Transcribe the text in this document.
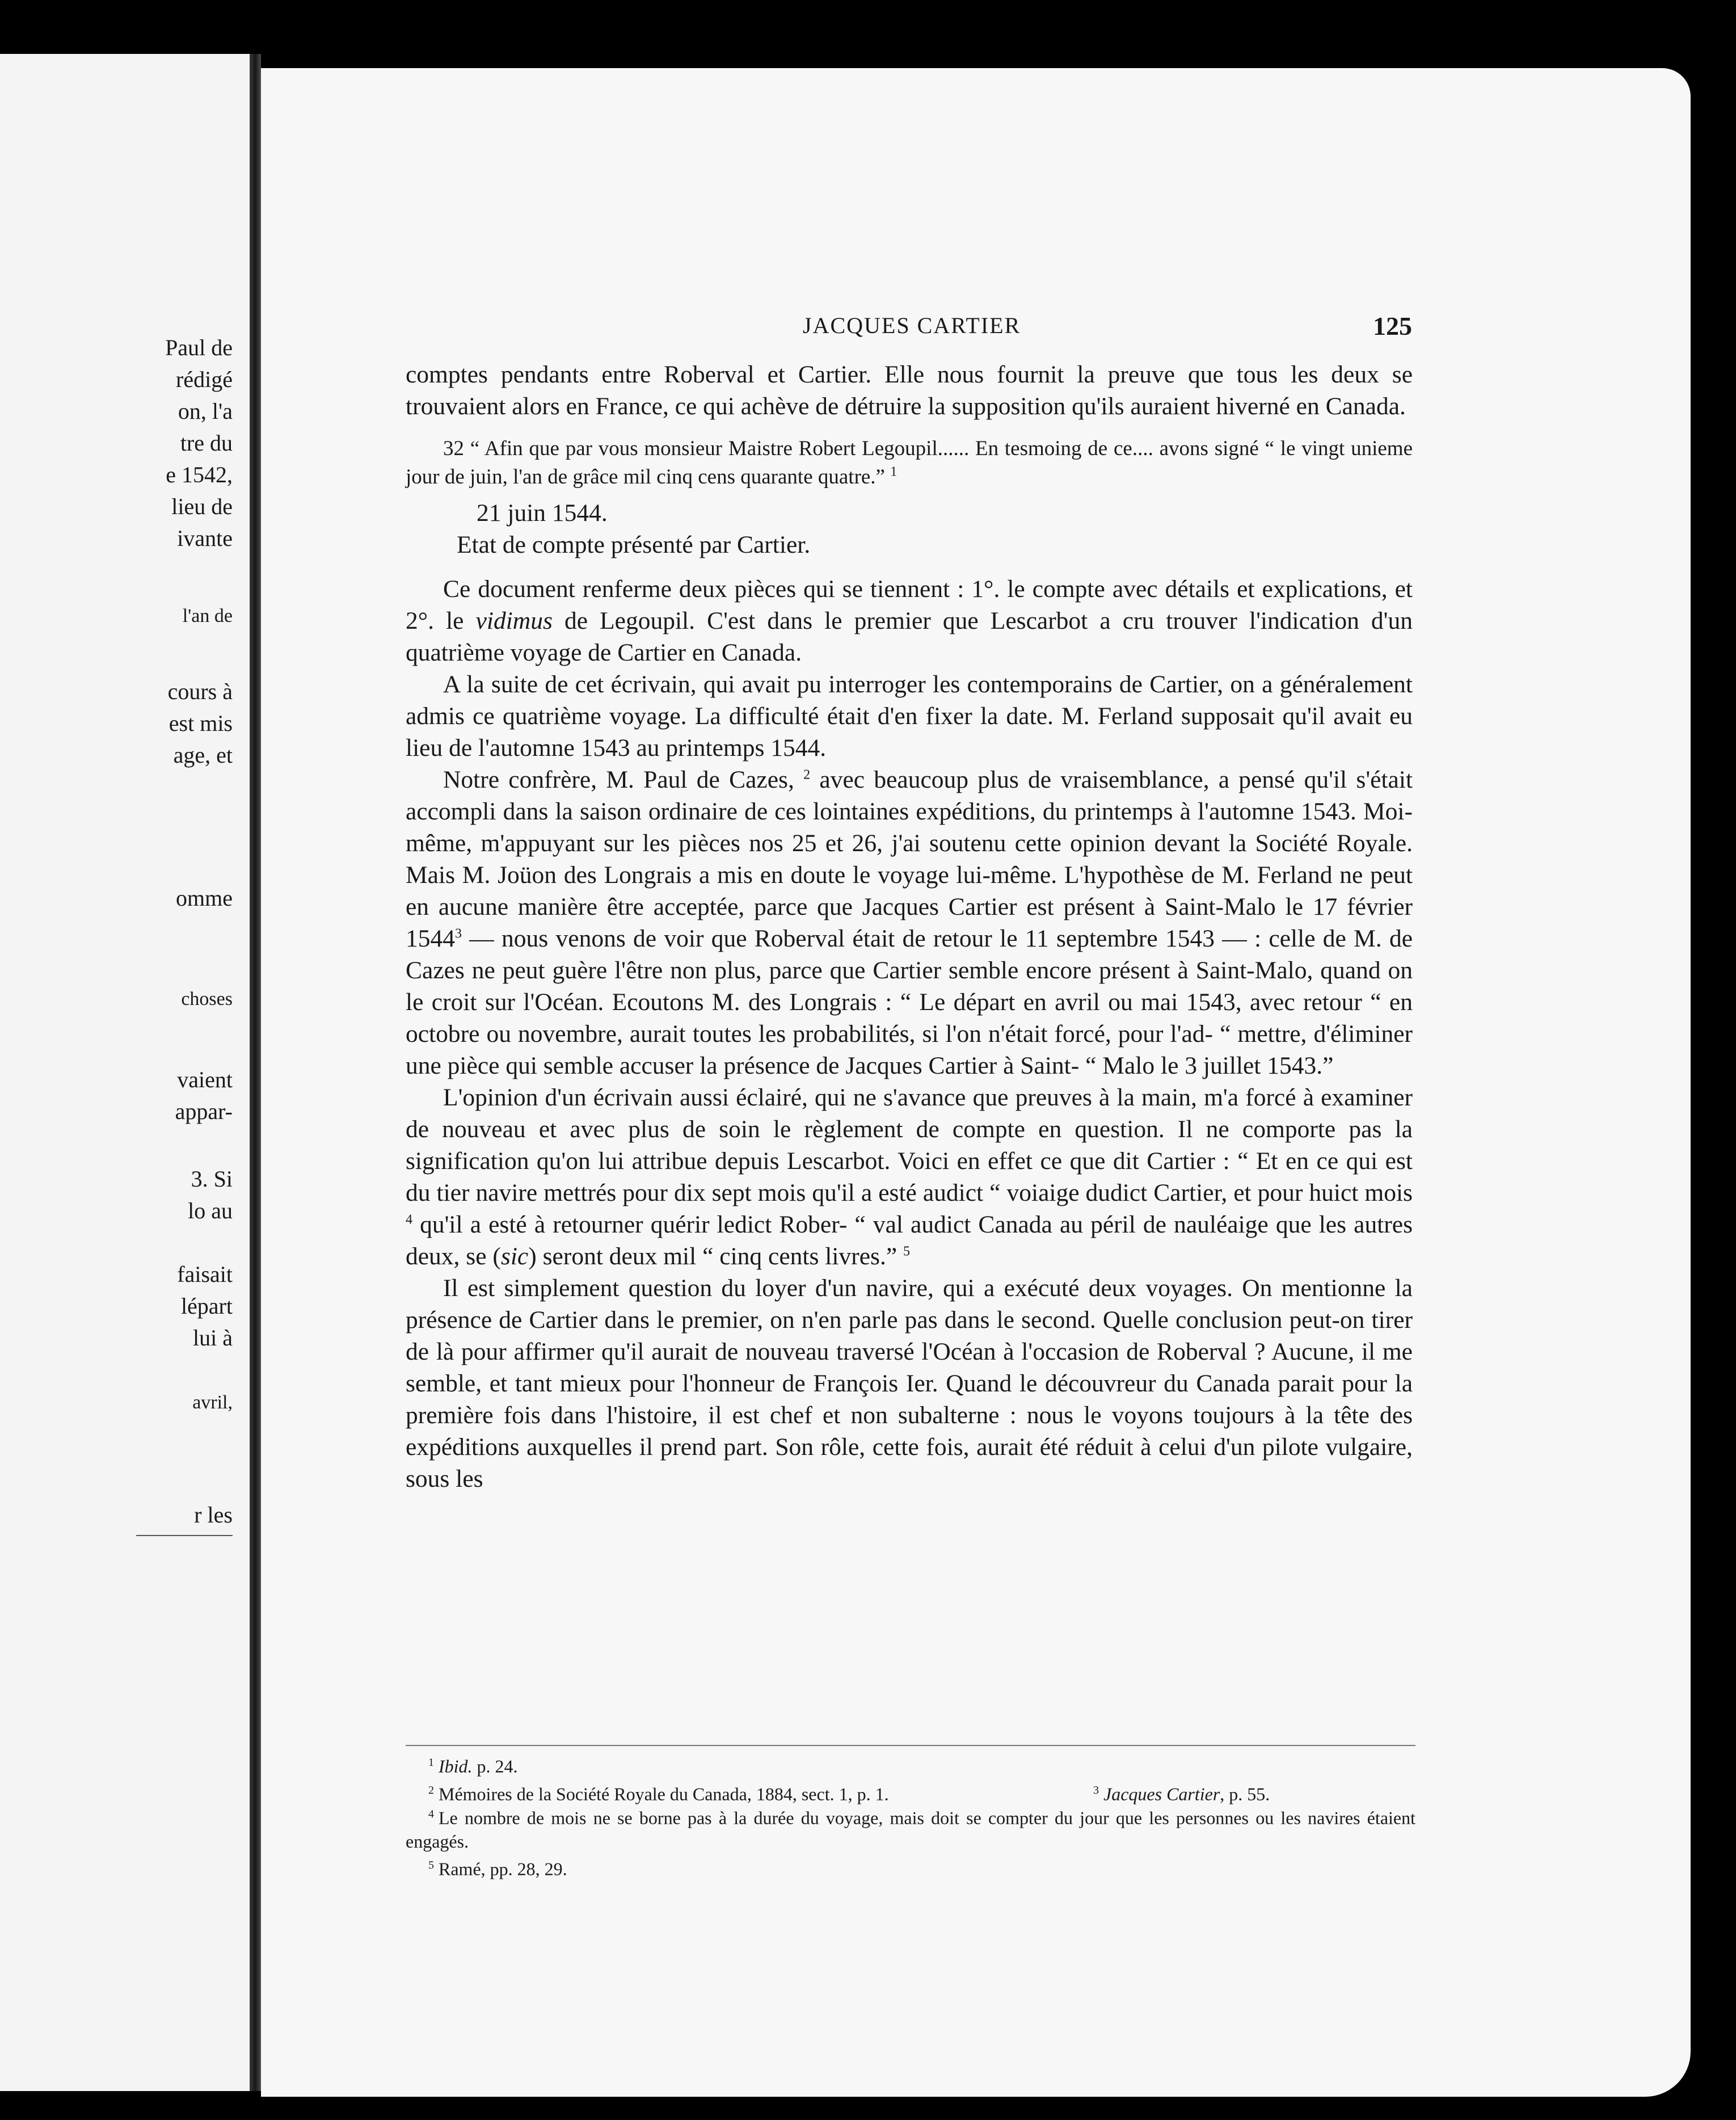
Paul de
rédigé
on, l'a
tre du
e 1542,
lieu de
ivante
l'an de
cours à
est mis
age, et
omme
choses
vaient
appar-
3. Si
lo au
faisait
lépart
lui à
avril,
r les
JACQUES CARTIER	125

comptes pendants entre Roberval et Cartier. Elle nous fournit la preuve que tous les deux se trouvaient alors en France, ce qui achève de détruire la supposition qu'ils auraient hiverné en Canada.

32 “ Afin que par vous monsieur Maistre Robert Legoupil...... En tesmoing de ce.... avons signé “ le vingt unieme jour de juin, l'an de grâce mil cinq cens quarante quatre.” $^1$

21 juin 1544.

Etat de compte présenté par Cartier.

Ce document renferme deux pièces qui se tiennent : 1°. le compte avec détails et explications, et 2°. le vidimus de Legoupil. C'est dans le premier que Lescarbot a cru trouver l'indication d'un quatrième voyage de Cartier en Canada.

A la suite de cet écrivain, qui avait pu interroger les contemporains de Cartier, on a généralement admis ce quatrième voyage. La difficulté était d'en fixer la date. M. Ferland supposait qu'il avait eu lieu de l'automne 1543 au printemps 1544.

Notre confrère, M. Paul de Cazes, $^2$ avec beaucoup plus de vraisemblance, a pensé qu'il s'était accompli dans la saison ordinaire de ces lointaines expéditions, du printemps à l'automne 1543. Moi-même, m'appuyant sur les pièces nos 25 et 26, j'ai soutenu cette opinion devant la Société Royale. Mais M. Joüon des Longrais a mis en doute le voyage lui-même. L'hypothèse de M. Ferland ne peut en aucune manière être acceptée, parce que Jacques Cartier est présent à Saint-Malo le 17 février 1544$^3$ — nous venons de voir que Roberval était de retour le 11 septembre 1543 — : celle de M. de Cazes ne peut guère l'être non plus, parce que Cartier semble encore présent à Saint-Malo, quand on le croit sur l'Océan. Ecoutons M. des Longrais : “ Le départ en avril ou mai 1543, avec retour “ en octobre ou novembre, aurait toutes les probabilités, si l'on n'était forcé, pour l'ad- “ mettre, d'éliminer une pièce qui semble accuser la présence de Jacques Cartier à Saint- “ Malo le 3 juillet 1543.”

L'opinion d'un écrivain aussi éclairé, qui ne s'avance que preuves à la main, m'a forcé à examiner de nouveau et avec plus de soin le règlement de compte en question. Il ne comporte pas la signification qu'on lui attribue depuis Lescarbot. Voici en effet ce que dit Cartier : “ Et en ce qui est du tier navire mettrés pour dix sept mois qu'il a esté audict “ voiaige dudict Cartier, et pour huict mois $^4$ qu'il a esté à retourner quérir ledict Rober- “ val audict Canada au péril de nauléaige que les autres deux, se (sic) seront deux mil “ cinq cents livres.” $^5$

Il est simplement question du loyer d'un navire, qui a exécuté deux voyages. On mentionne la présence de Cartier dans le premier, on n'en parle pas dans le second. Quelle conclusion peut-on tirer de là pour affirmer qu'il aurait de nouveau traversé l'Océan à l'occasion de Roberval ? Aucune, il me semble, et tant mieux pour l'honneur de François Ier. Quand le découvreur du Canada parait pour la première fois dans l'histoire, il est chef et non subalterne : nous le voyons toujours à la tête des expéditions auxquelles il prend part. Son rôle, cette fois, aurait été réduit à celui d'un pilote vulgaire, sous les

$^1$ Ibid. p. 24.

$^2$ Mémoires de la Société Royale du Canada, 1884, sect. 1, p. 1.	$^3$ Jacques Cartier, p. 55.

$^4$ Le nombre de mois ne se borne pas à la durée du voyage, mais doit se compter du jour que les personnes ou les navires étaient engagés.

$^5$ Ramé, pp. 28, 29.
